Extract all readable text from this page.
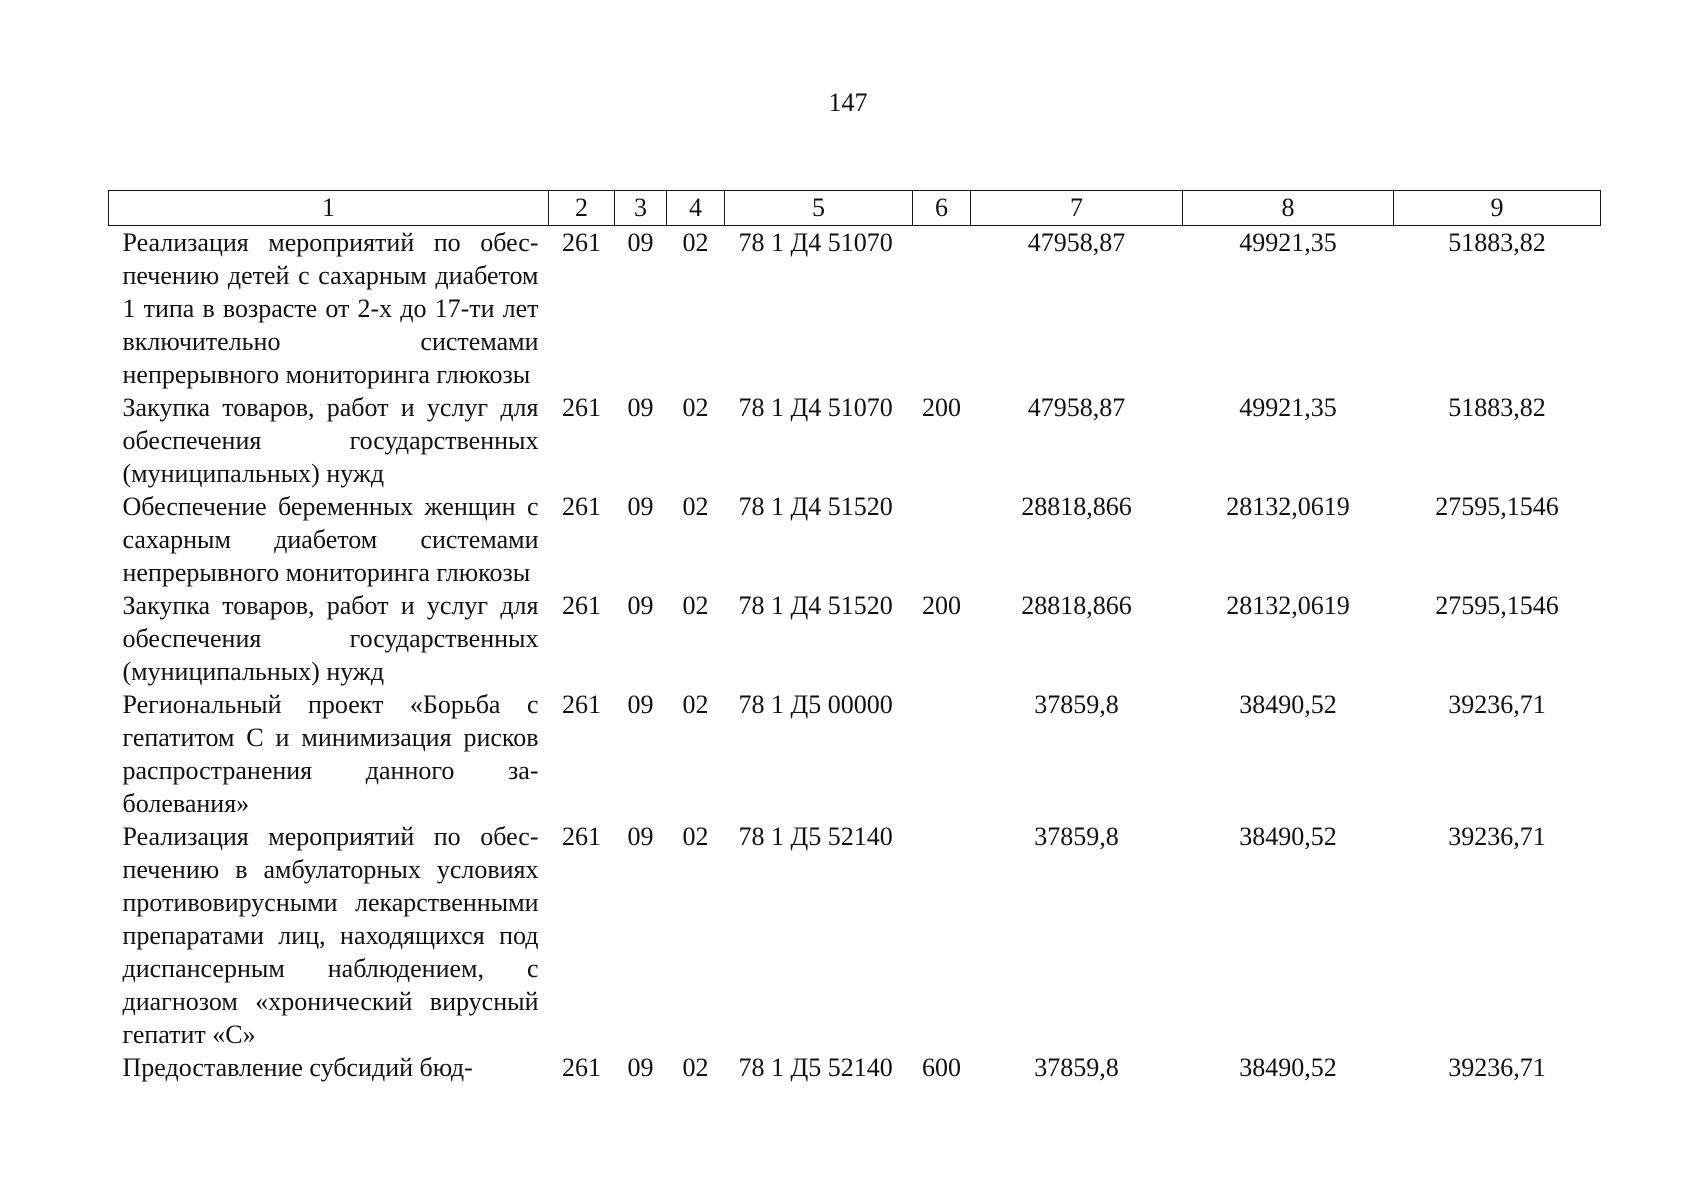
147
1	2	3	4	5	6	7	8	9
Реализация мероприятий по обеспечению детей с сахарным диабетом 1 типа в возрасте от 2-х до 17-ти лет включительно системами непрерывного мониторинга глюкозы	261	09	02	78 1 Д4 51070		47958,87	49921,35	51883,82
Закупка товаров, работ и услуг для обеспечения государственных (муниципальных) нужд	261	09	02	78 1 Д4 51070	200	47958,87	49921,35	51883,82
Обеспечение беременных женщин с сахарным диабетом системами непрерывного мониторинга глюкозы	261	09	02	78 1 Д4 51520		28818,866	28132,0619	27595,1546
Закупка товаров, работ и услуг для обеспечения государственных (муниципальных) нужд	261	09	02	78 1 Д4 51520	200	28818,866	28132,0619	27595,1546
Региональный проект «Борьба с гепатитом С и минимизация рисков распространения данного заболевания»	261	09	02	78 1 Д5 00000		37859,8	38490,52	39236,71
Реализация мероприятий по обеспечению в амбулаторных условиях противовирусными лекарственными препаратами лиц, находящихся под диспансерным наблюдением, с диагнозом «хронический вирусный гепатит «С»	261	09	02	78 1 Д5 52140		37859,8	38490,52	39236,71
Предоставление субсидий бюд-	261	09	02	78 1 Д5 52140	600	37859,8	38490,52	39236,71
